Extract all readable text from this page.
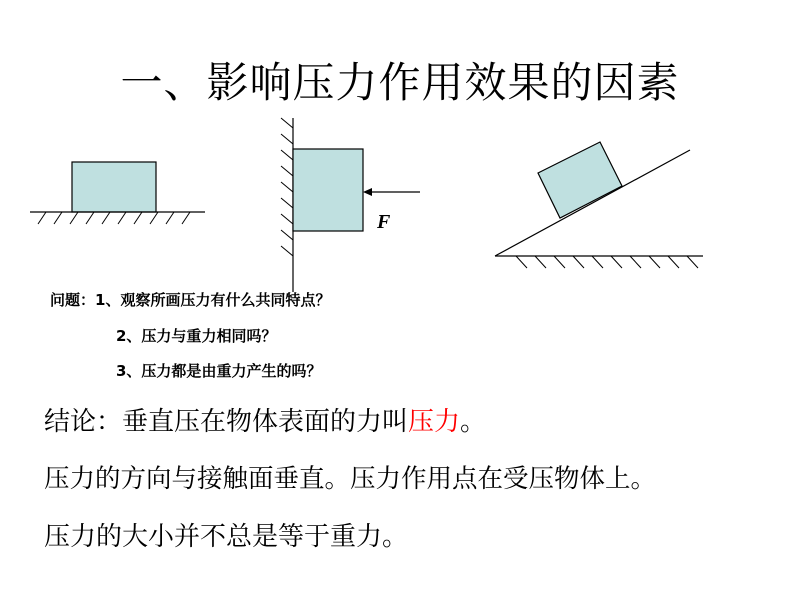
一、影响压力作用效果的因素
F
问题：1、观察所画压力有什么共同特点？
2、压力与重力相同吗？
3、压力都是由重力产生的吗？
结论：垂直压在物体表面的力叫压力。
压力的方向与接触面垂直。压力作用点在受压物体上。
压力的大小并不总是等于重力。
